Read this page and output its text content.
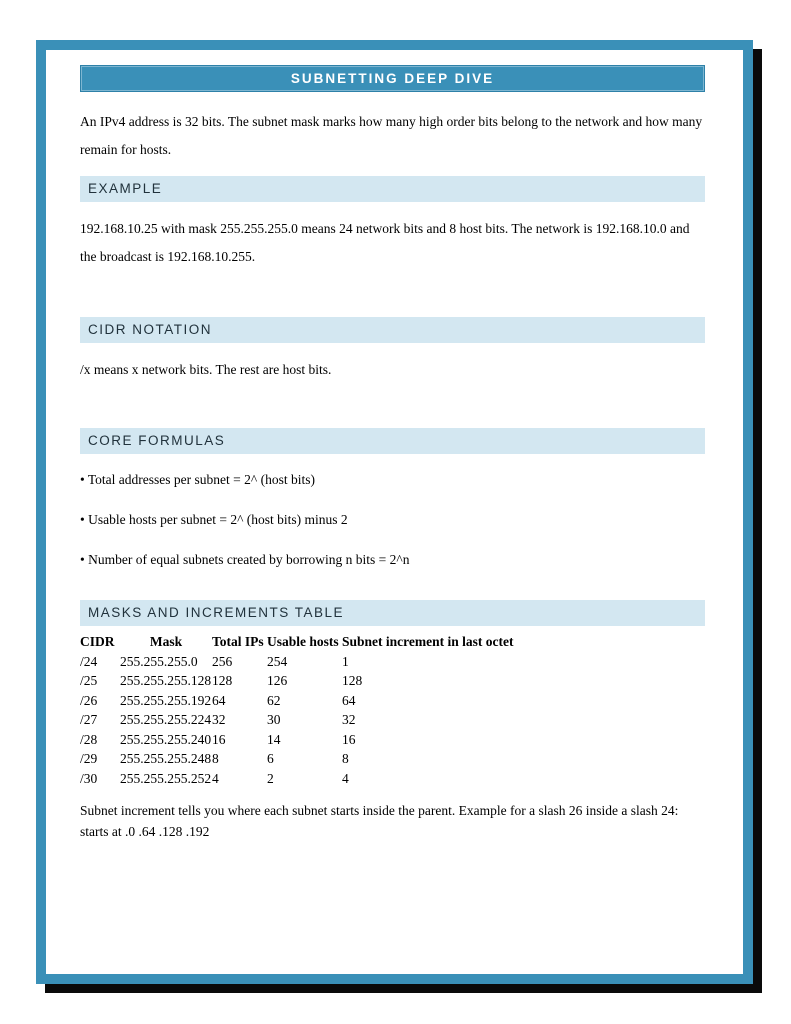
SUBNETTING DEEP DIVE

An IPv4 address is 32 bits. The subnet mask marks how many high order bits belong to the network and how many remain for hosts.

EXAMPLE

192.168.10.25 with mask 255.255.255.0 means 24 network bits and 8 host bits. The network is 192.168.10.0 and the broadcast is 192.168.10.255.

CIDR NOTATION

/x means x network bits. The rest are host bits.

CORE FORMULAS
• Total addresses per subnet = 2^ (host bits)
• Usable hosts per subnet = 2^ (host bits) minus 2
• Number of equal subnets created by borrowing n bits = 2^n
MASKS AND INCREMENTS TABLE
CIDR	Mask	Total IPs	Usable hosts	Subnet increment in last octet
/24	255.255.255.0	256	254	1
/25	255.255.255.128	128	126	128
/26	255.255.255.192	64	62	64
/27	255.255.255.224	32	30	32
/28	255.255.255.240	16	14	16
/29	255.255.255.248	8	6	8
/30	255.255.255.252	4	2	4

Subnet increment tells you where each subnet starts inside the parent. Example for a slash 26 inside a slash 24: starts at .0 .64 .128 .192
